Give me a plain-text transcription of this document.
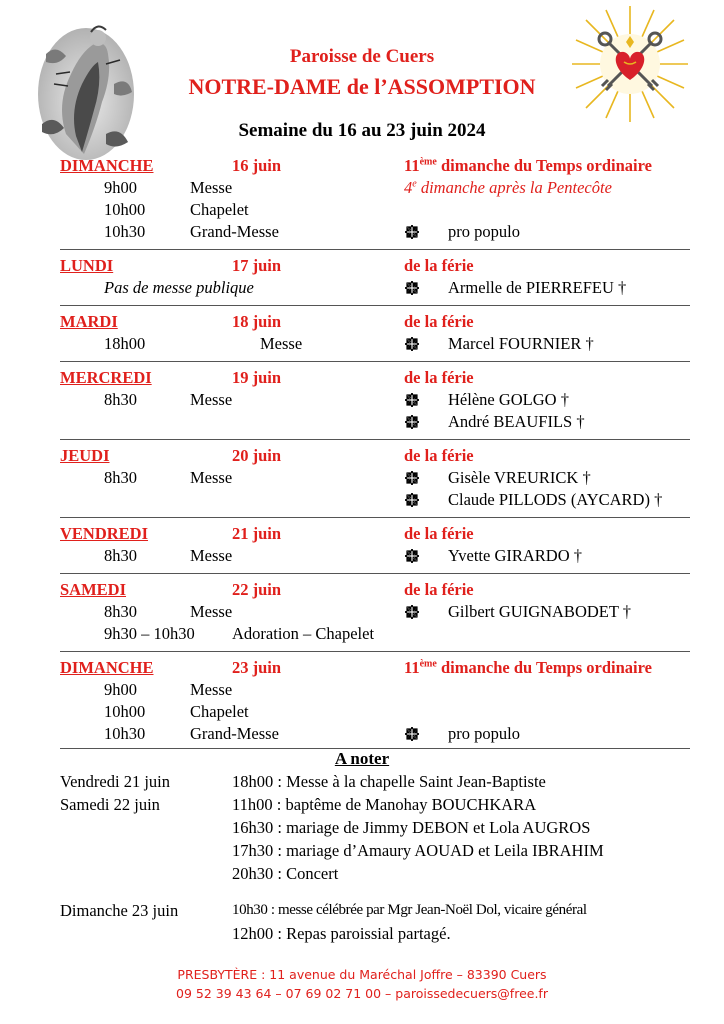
Paroisse de Cuers
NOTRE-DAME de l’ASSOMPTION
Semaine du 16 au 23 juin 2024
DIMANCHE	16 juin	11ème dimanche du Temps ordinaire
9h00	Messe	4e dimanche après la Pentecôte
10h00	Chapelet
10h30	Grand-Messe	pro populo
LUNDI	17 juin	de la férie
Pas de messe publique	Armelle de PIERREFEU †
MARDI	18 juin	de la férie
18h00	Messe	Marcel FOURNIER †
MERCREDI	19 juin	de la férie
8h30	Messe	Hélène GOLGO †
André BEAUFILS †
JEUDI	20 juin	de la férie
8h30	Messe	Gisèle VREURICK †
Claude PILLODS (AYCARD) †
VENDREDI	21 juin	de la férie
8h30	Messe	Yvette GIRARDO †
SAMEDI	22 juin	de la férie
8h30	Messe	Gilbert GUIGNABODET †
9h30 – 10h30 Adoration – Chapelet
DIMANCHE	23 juin	11ème dimanche du Temps ordinaire
9h00	Messe
10h00	Chapelet
10h30	Grand-Messe	pro populo
A noter
Vendredi 21 juin	18h00 : Messe à la chapelle Saint Jean-Baptiste
Samedi 22 juin	11h00 : baptême de Manohay BOUCHKARA
16h30 : mariage de Jimmy DEBON et Lola AUGROS
17h30 : mariage d’Amaury AOUAD et Leila IBRAHIM
20h30 : Concert
Dimanche 23 juin	10h30 : messe célébrée par Mgr Jean-Noël Dol, vicaire général
12h00 : Repas paroissial partagé.
PRESBYTÈRE : 11 avenue du Maréchal Joffre – 83390 Cuers
09 52 39 43 64 – 07 69 02 71 00 – paroissedecuers@free.fr
